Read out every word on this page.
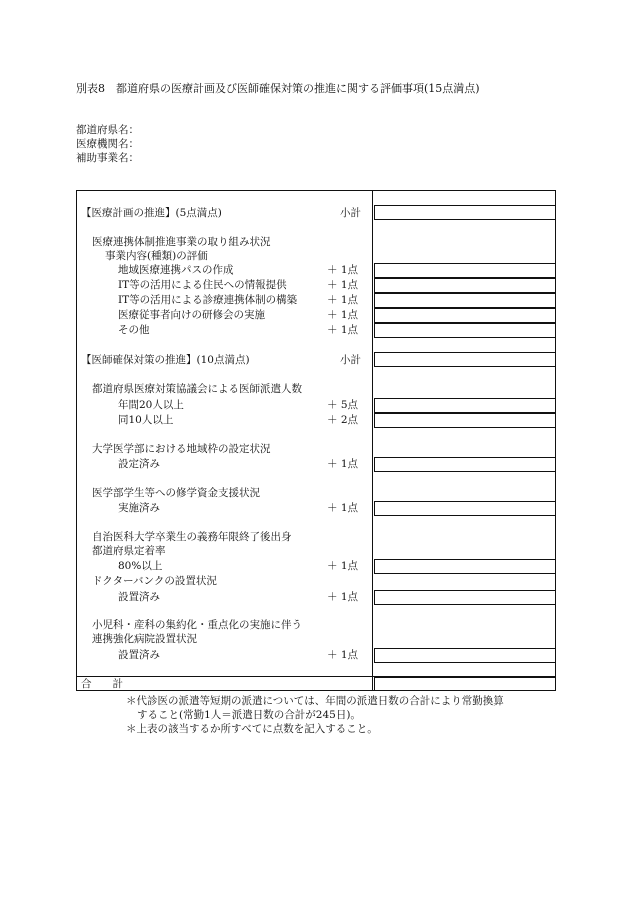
別表8　都道府県の医療計画及び医師確保対策の推進に関する評価事項(15点満点)
都道府県名：
医療機関名：
補助事業名：
【医療計画の推進】(5点満点)	小計
医療連携体制推進事業の取り組み状況
事業内容(種類)の評価
地域医療連携パスの作成	＋ 1点
IT等の活用による住民への情報提供	＋ 1点
IT等の活用による診療連携体制の構築	＋ 1点
医療従事者向けの研修会の実施	＋ 1点
その他	＋ 1点
【医師確保対策の推進】(10点満点)	小計
都道府県医療対策協議会による医師派遣人数
年間20人以上	＋ 5点
同10人以上	＋ 2点
大学医学部における地域枠の設定状況
設定済み	＋ 1点
医学部学生等への修学資金支援状況
実施済み	＋ 1点
自治医科大学卒業生の義務年限終了後出身
都道府県定着率
80%以上	＋ 1点
ドクターバンクの設置状況
設置済み	＋ 1点
小児科・産科の集約化・重点化の実施に伴う
連携強化病院設置状況
設置済み	＋ 1点
合　　計
＊代診医の派遣等短期の派遣については、年間の派遣日数の合計により常勤換算
すること(常勤1人＝派遣日数の合計が245日)。
＊上表の該当するか所すべてに点数を記入すること。
